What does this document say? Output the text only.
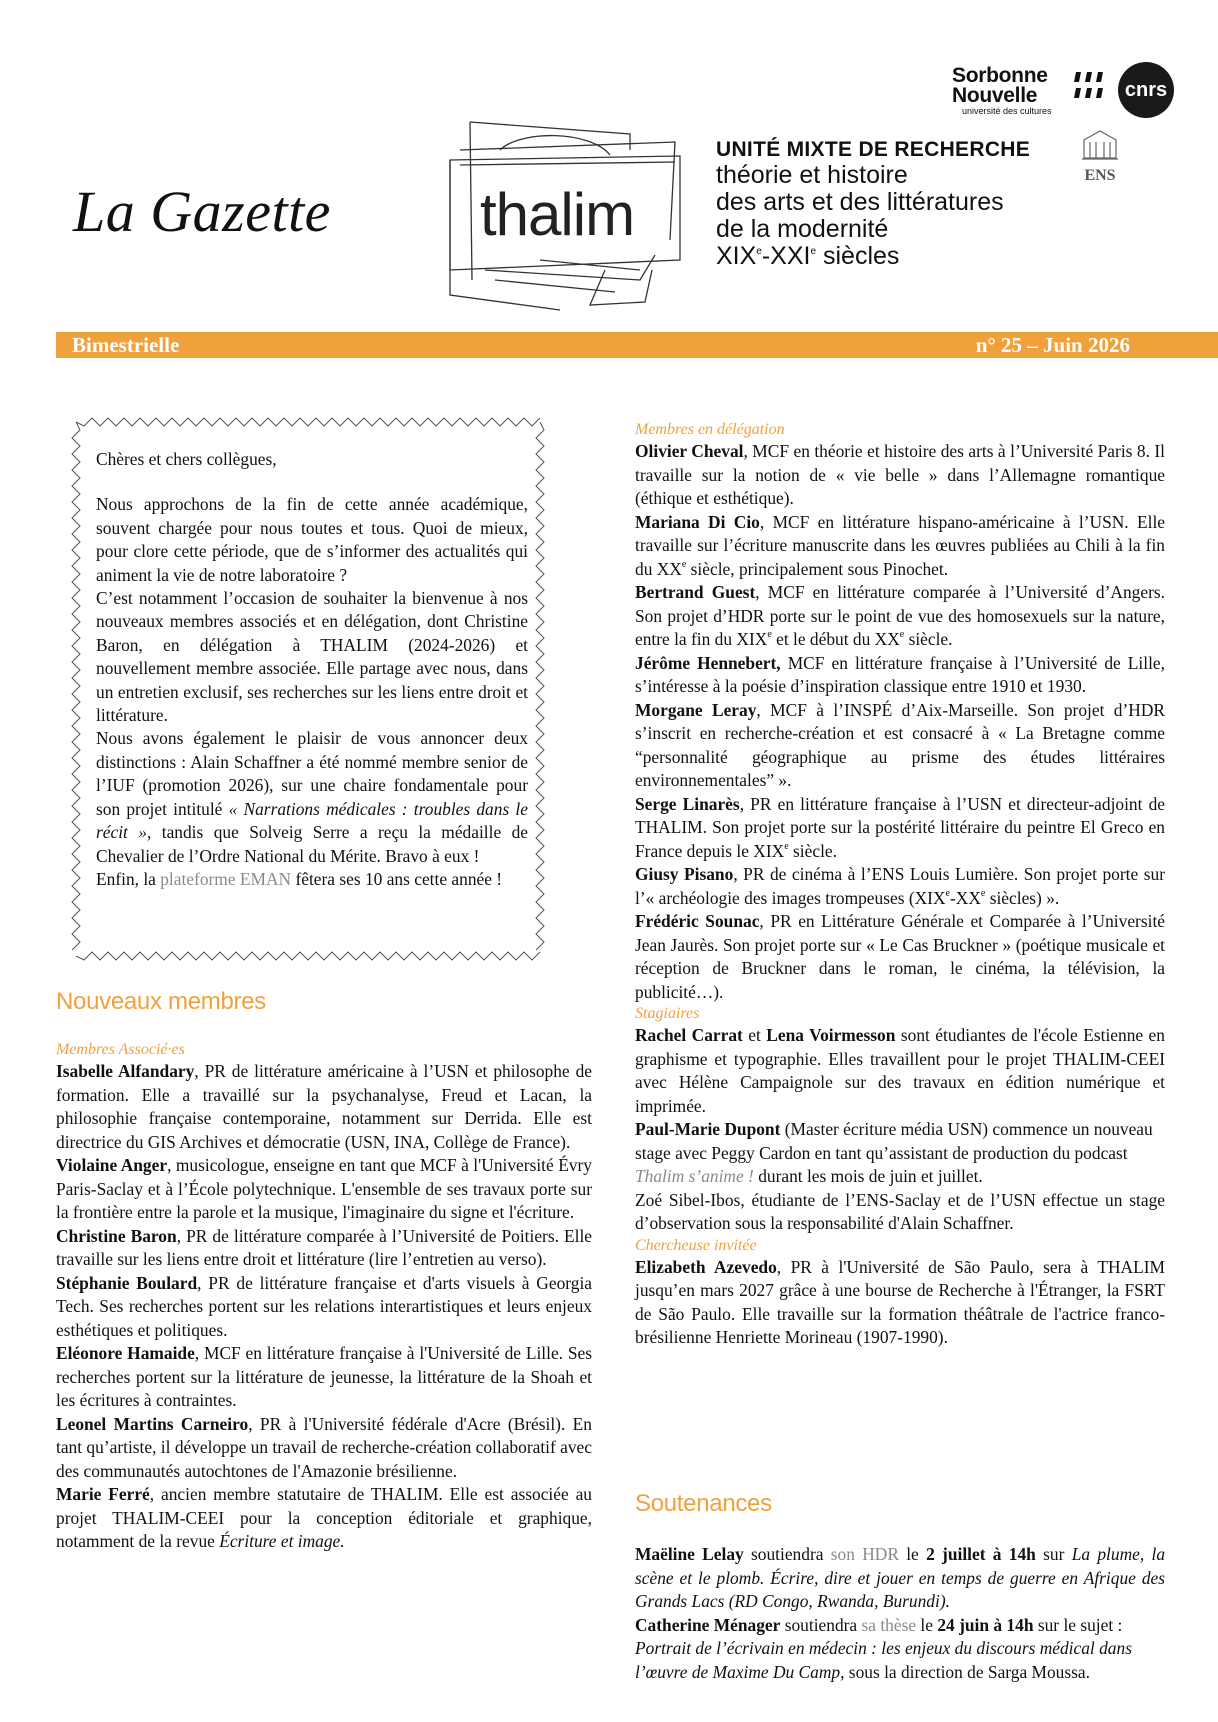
La Gazette thalim
UNITÉ MIXTE DE RECHERCHE
théorie et histoire
des arts et des littératures
de la modernité
XIXe-XXIe siècles
Sorbonne
Nouvelle
université des cultures
cnrs
ENS
Bimestrielle	n° 25 – Juin 2026

Chères et chers collègues,

Nous approchons de la fin de cette année académique, souvent chargée pour nous toutes et tous. Quoi de mieux, pour clore cette période, que de s’informer des actualités qui animent la vie de notre laboratoire ?

C’est notamment l’occasion de souhaiter la bienvenue à nos nouveaux membres associés et en délégation, dont Christine Baron, en délégation à THALIM (2024-2026) et nouvellement membre associée. Elle partage avec nous, dans un entretien exclusif, ses recherches sur les liens entre droit et littérature.

Nous avons également le plaisir de vous annoncer deux distinctions : Alain Schaffner a été nommé membre senior de l’IUF (promotion 2026), sur une chaire fondamentale pour son projet intitulé « Narrations médicales : troubles dans le récit », tandis que Solveig Serre a reçu la médaille de Chevalier de l’Ordre National du Mérite. Bravo à eux !

Enfin, la plateforme EMAN fêtera ses 10 ans cette année !

Nouveaux membres
Membres Associé·es

Isabelle Alfandary, PR de littérature américaine à l’USN et philosophe de formation. Elle a travaillé sur la psychanalyse, Freud et Lacan, la philosophie française contemporaine, notamment sur Derrida. Elle est directrice du GIS Archives et démocratie (USN, INA, Collège de France).

Violaine Anger, musicologue, enseigne en tant que MCF à l'Université Évry Paris-Saclay et à l’École polytechnique. L'ensemble de ses travaux porte sur la frontière entre la parole et la musique, l'imaginaire du signe et l'écriture.

Christine Baron, PR de littérature comparée à l’Université de Poitiers. Elle travaille sur les liens entre droit et littérature (lire l’entretien au verso).

Stéphanie Boulard, PR de littérature française et d'arts visuels à Georgia Tech. Ses recherches portent sur les relations interartistiques et leurs enjeux esthétiques et politiques.

Eléonore Hamaide, MCF en littérature française à l'Université de Lille. Ses recherches portent sur la littérature de jeunesse, la littérature de la Shoah et les écritures à contraintes.

Leonel Martins Carneiro, PR à l'Université fédérale d'Acre (Brésil). En tant qu’artiste, il développe un travail de recherche-création collaboratif avec des communautés autochtones de l'Amazonie brésilienne.

Marie Ferré, ancien membre statutaire de THALIM. Elle est associée au projet THALIM-CEEI pour la conception éditoriale et graphique, notamment de la revue Écriture et image.

Membres en délégation

Olivier Cheval, MCF en théorie et histoire des arts à l’Université Paris 8. Il travaille sur la notion de « vie belle » dans l’Allemagne romantique (éthique et esthétique).

Mariana Di Cio, MCF en littérature hispano-américaine à l’USN. Elle travaille sur l’écriture manuscrite dans les œuvres publiées au Chili à la fin du XXe siècle, principalement sous Pinochet.

Bertrand Guest, MCF en littérature comparée à l’Université d’Angers. Son projet d’HDR porte sur le point de vue des homosexuels sur la nature, entre la fin du XIXe et le début du XXe siècle.

Jérôme Hennebert, MCF en littérature française à l’Université de Lille, s’intéresse à la poésie d’inspiration classique entre 1910 et 1930.

Morgane Leray, MCF à l’INSPÉ d’Aix-Marseille. Son projet d’HDR s’inscrit en recherche-création et est consacré à « La Bretagne comme “personnalité géographique au prisme des études littéraires environnementales” ».

Serge Linarès, PR en littérature française à l’USN et directeur-adjoint de THALIM. Son projet porte sur la postérité littéraire du peintre El Greco en France depuis le XIXe siècle.

Giusy Pisano, PR de cinéma à l’ENS Louis Lumière. Son projet porte sur l’« archéologie des images trompeuses (XIXe-XXe siècles) ».

Frédéric Sounac, PR en Littérature Générale et Comparée à l’Université Jean Jaurès. Son projet porte sur « Le Cas Bruckner » (poétique musicale et réception de Bruckner dans le roman, le cinéma, la télévision, la publicité…).

Stagiaires

Rachel Carrat et Lena Voirmesson sont étudiantes de l'école Estienne en graphisme et typographie. Elles travaillent pour le projet THALIM-CEEI avec Hélène Campaignole sur des travaux en édition numérique et imprimée.

Paul-Marie Dupont (Master écriture média USN) commence un nouveau stage avec Peggy Cardon en tant qu’assistant de production du podcast Thalim s’anime ! durant les mois de juin et juillet.

Zoé Sibel-Ibos, étudiante de l’ENS-Saclay et de l’USN effectue un stage d’observation sous la responsabilité d'Alain Schaffner.

Chercheuse invitée

Elizabeth Azevedo, PR à l'Université de São Paulo, sera à THALIM jusqu’en mars 2027 grâce à une bourse de Recherche à l'Étranger, la FSRT de São Paulo. Elle travaille sur la formation théâtrale de l'actrice franco-brésilienne Henriette Morineau (1907-1990).

Soutenances

Maëline Lelay soutiendra son HDR le 2 juillet à 14h sur La plume, la scène et le plomb. Écrire, dire et jouer en temps de guerre en Afrique des Grands Lacs (RD Congo, Rwanda, Burundi).

Catherine Ménager soutiendra sa thèse le 24 juin à 14h sur le sujet : Portrait de l’écrivain en médecin : les enjeux du discours médical dans l’œuvre de Maxime Du Camp, sous la direction de Sarga Moussa.
